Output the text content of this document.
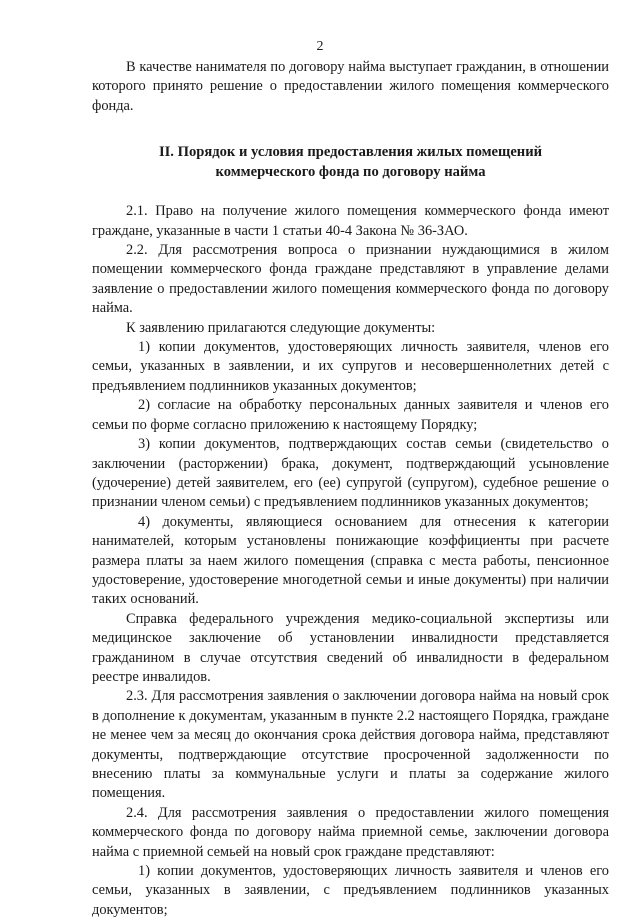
2

В качестве нанимателя по договору найма выступает гражданин, в отношении которого принято решение о предоставлении жилого помещения коммерческого фонда.

II. Порядок и условия предоставления жилых помещений
коммерческого фонда по договору найма

2.1. Право на получение жилого помещения коммерческого фонда имеют граждане, указанные в части 1 статьи 40-4 Закона № 36-ЗАО.

2.2. Для рассмотрения вопроса о признании нуждающимися в жилом помещении коммерческого фонда граждане представляют в управление делами заявление о предоставлении жилого помещения коммерческого фонда по договору найма.

К заявлению прилагаются следующие документы:

1) копии документов, удостоверяющих личность заявителя, членов его семьи, указанных в заявлении, и их супругов и несовершеннолетних детей с предъявлением подлинников указанных документов;

2) согласие на обработку персональных данных заявителя и членов его семьи по форме согласно приложению к настоящему Порядку;

3) копии документов, подтверждающих состав семьи (свидетельство о заключении (расторжении) брака, документ, подтверждающий усыновление (удочерение) детей заявителем, его (ее) супругой (супругом), судебное решение о признании членом семьи) с предъявлением подлинников указанных документов;

4) документы, являющиеся основанием для отнесения к категории нанимателей, которым установлены понижающие коэффициенты при расчете размера платы за наем жилого помещения (справка с места работы, пенсионное удостоверение, удостоверение многодетной семьи и иные документы) при наличии таких оснований.

Справка федерального учреждения медико-социальной экспертизы или медицинское заключение об установлении инвалидности представляется гражданином в случае отсутствия сведений об инвалидности в федеральном реестре инвалидов.

2.3. Для рассмотрения заявления о заключении договора найма на новый срок в дополнение к документам, указанным в пункте 2.2 настоящего Порядка, граждане не менее чем за месяц до окончания срока действия договора найма, представляют документы, подтверждающие отсутствие просроченной задолженности по внесению платы за коммунальные услуги и платы за содержание жилого помещения.

2.4. Для рассмотрения заявления о предоставлении жилого помещения коммерческого фонда по договору найма приемной семье, заключении договора найма с приемной семьей на новый срок граждане представляют:

1) копии документов, удостоверяющих личность заявителя и членов его семьи, указанных в заявлении, с предъявлением подлинников указанных документов;
